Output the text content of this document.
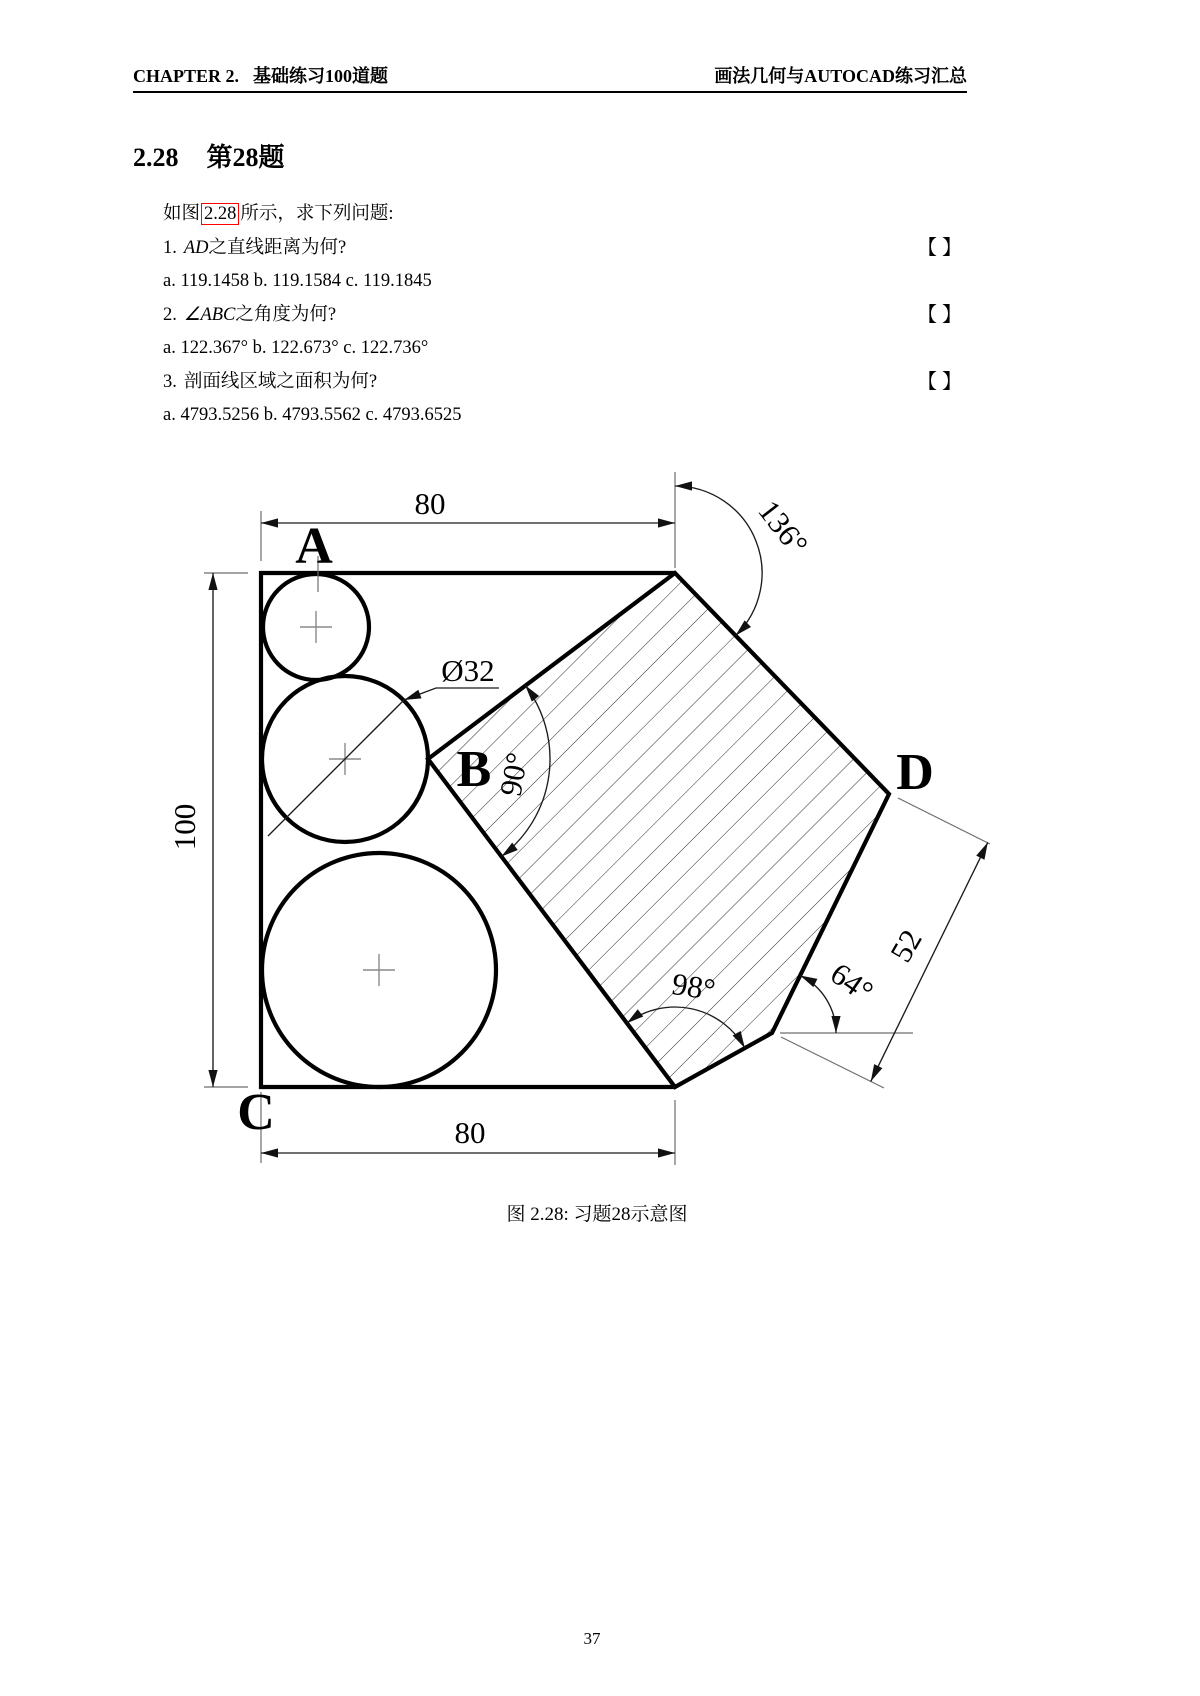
CHAPTER 2. 基础练习100道题	画法几何与AUTOCAD练习汇总
2.28 第28题
如图 2.28 所示，求下列问题:
1. AD之直线距离为何?	【 】
a. 119.1458 b. 119.1584 c. 119.1845
2. ∠ABC之角度为何?	【 】
a. 122.367° b. 122.673° c. 122.736°
3. 剖面线区域之面积为何?	【 】
a. 4793.5256 b. 4793.5562 c. 4793.6525
Ø32
80
100
80
136°
90°
98°	64°
52
A
B
C
D
图 2.28: 习题28示意图
37
